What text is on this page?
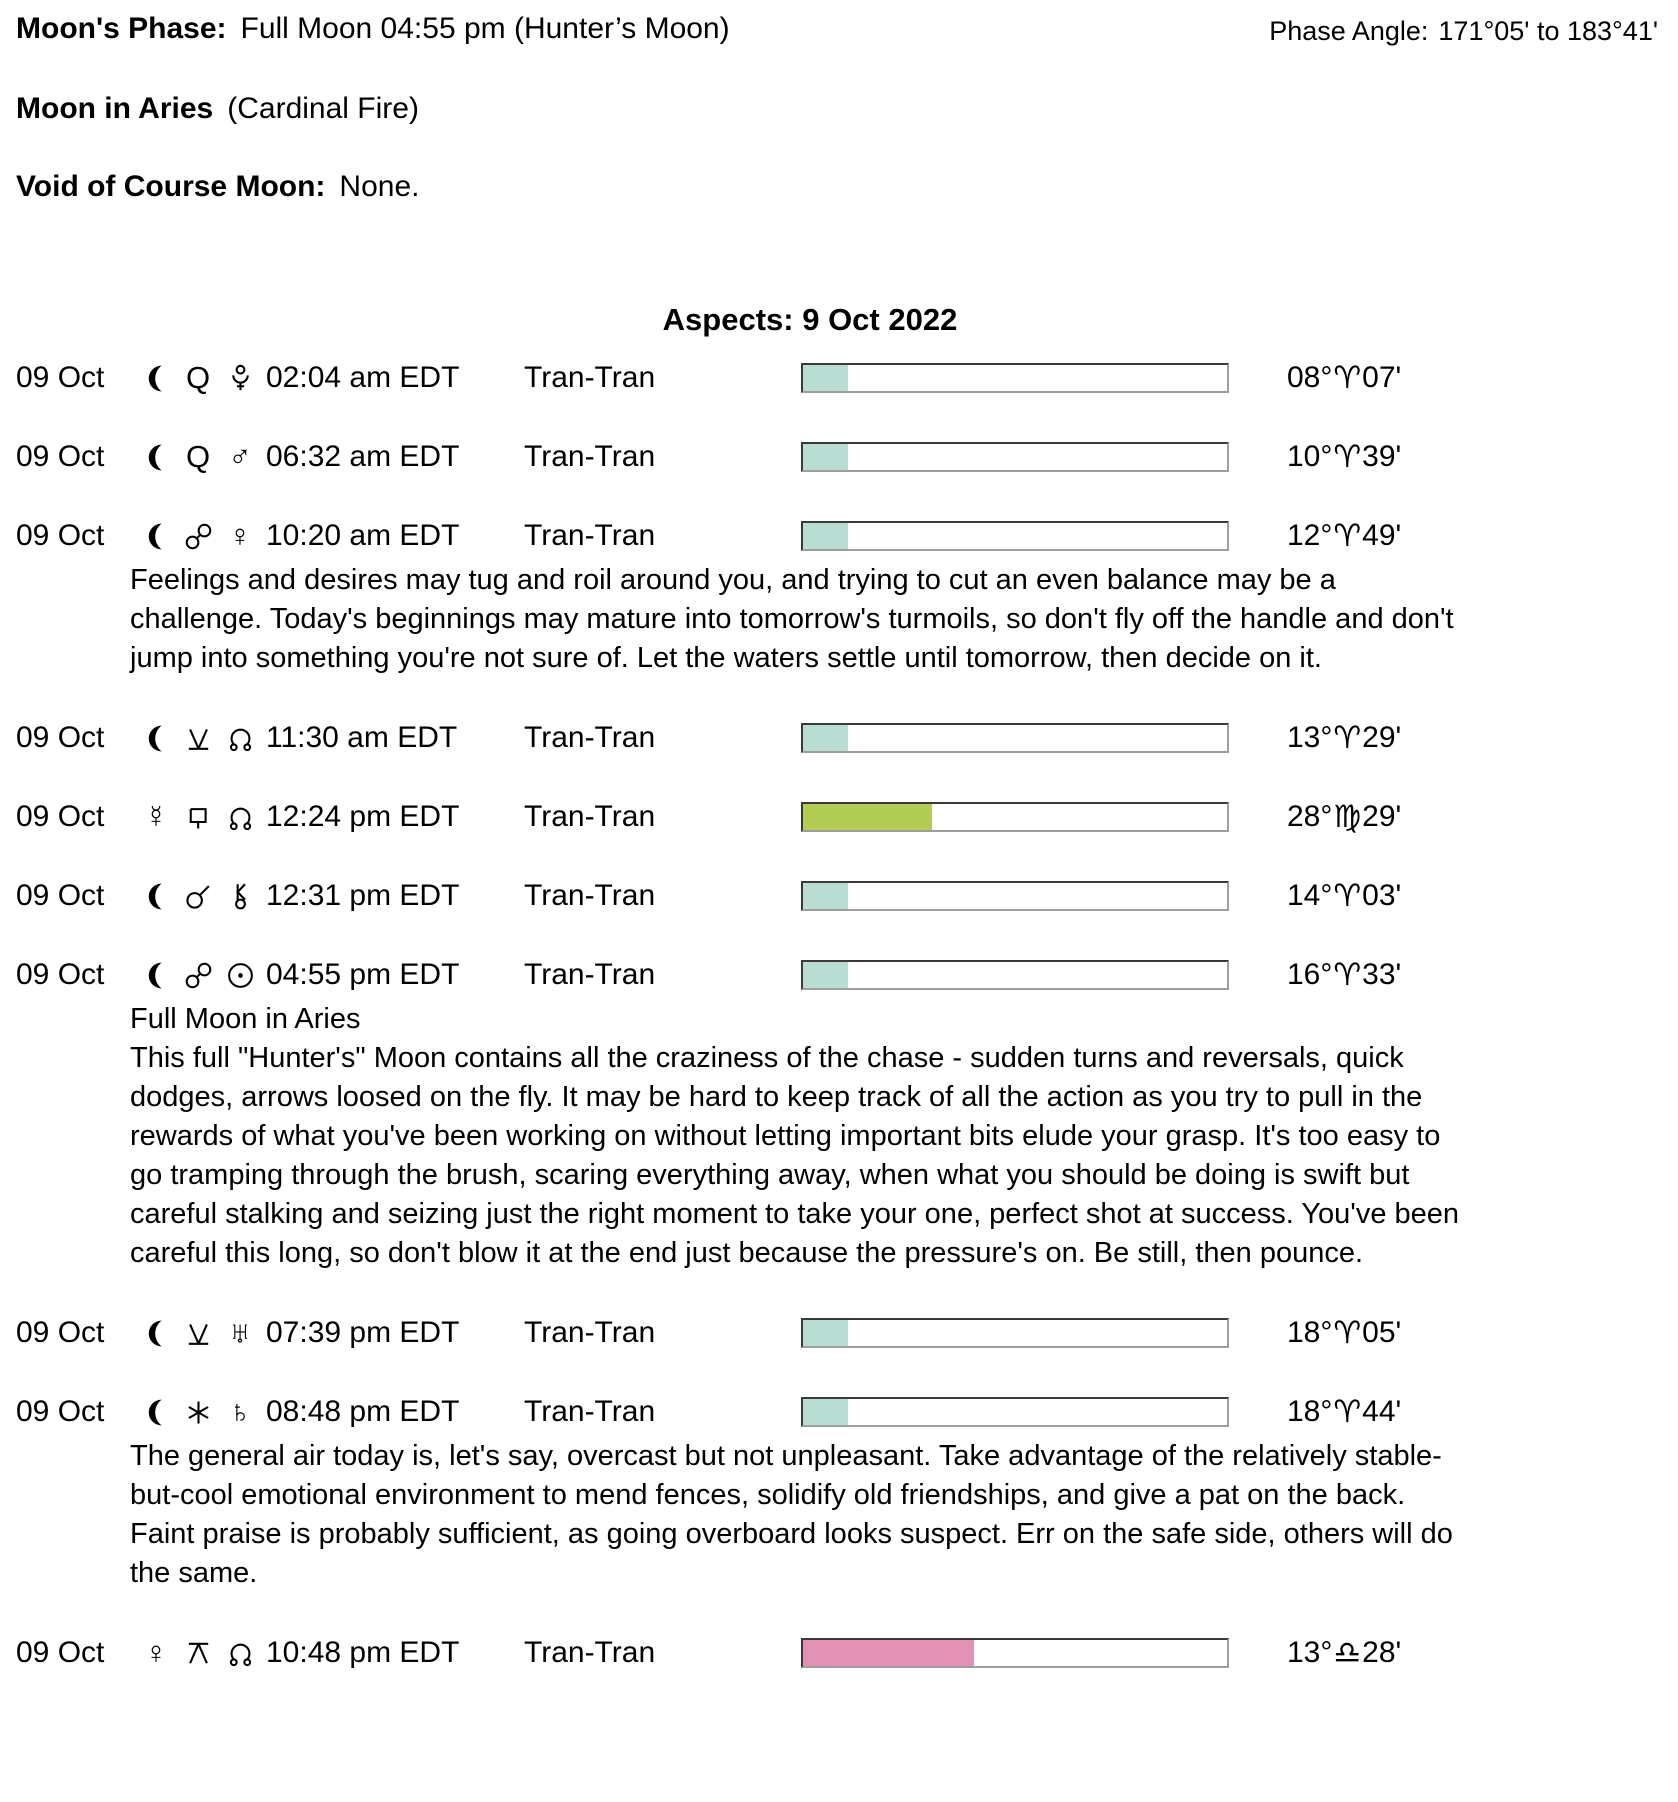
Moon's Phase: Full Moon 04:55 pm (Hunter’s Moon)	Phase Angle: 171°05' to 183°41'
Moon in Aries (Cardinal Fire)
Void of Course Moon: None.
Aspects: 9 Oct 2022
09 Oct	Q 02:04 am EDT	Tran-Tran	08° ♈ 07'
09 Oct	Q ♂ 06:32 am EDT	Tran-Tran	10° ♈ 39'
09 Oct	♀ 10:20 am EDT	Tran-Tran	12° ♈ 49'
Feelings and desires may tug and roil around you, and trying to cut an even balance may be a challenge. Today's beginnings may mature into tomorrow's turmoils, so don't fly off the handle and don't jump into something you're not sure of. Let the waters settle until tomorrow, then decide on it.
09 Oct	11:30 am EDT	Tran-Tran	13° ♈ 29'
09 Oct	☿	12:24 pm EDT	Tran-Tran	28° ♍ 29'
09 Oct	12:31 pm EDT	Tran-Tran	14° ♈ 03'
09 Oct	04:55 pm EDT	Tran-Tran	16° ♈ 33'
Full Moon in Aries
This full "Hunter's" Moon contains all the craziness of the chase - sudden turns and reversals, quick dodges, arrows loosed on the fly. It may be hard to keep track of all the action as you try to pull in the rewards of what you've been working on without letting important bits elude your grasp. It's too easy to go tramping through the brush, scaring everything away, when what you should be doing is swift but careful stalking and seizing just the right moment to take your one, perfect shot at success. You've been careful this long, so don't blow it at the end just because the pressure's on. Be still, then pounce.
09 Oct	♅ 07:39 pm EDT	Tran-Tran	18° ♈ 05'
09 Oct	♄ 08:48 pm EDT	Tran-Tran	18° ♈ 44'
The general air today is, let's say, overcast but not unpleasant. Take advantage of the relatively stable-but-cool emotional environment to mend fences, solidify old friendships, and give a pat on the back. Faint praise is probably sufficient, as going overboard looks suspect. Err on the safe side, others will do the same.
09 Oct	♀	10:48 pm EDT	Tran-Tran	13° ♎ 28'
